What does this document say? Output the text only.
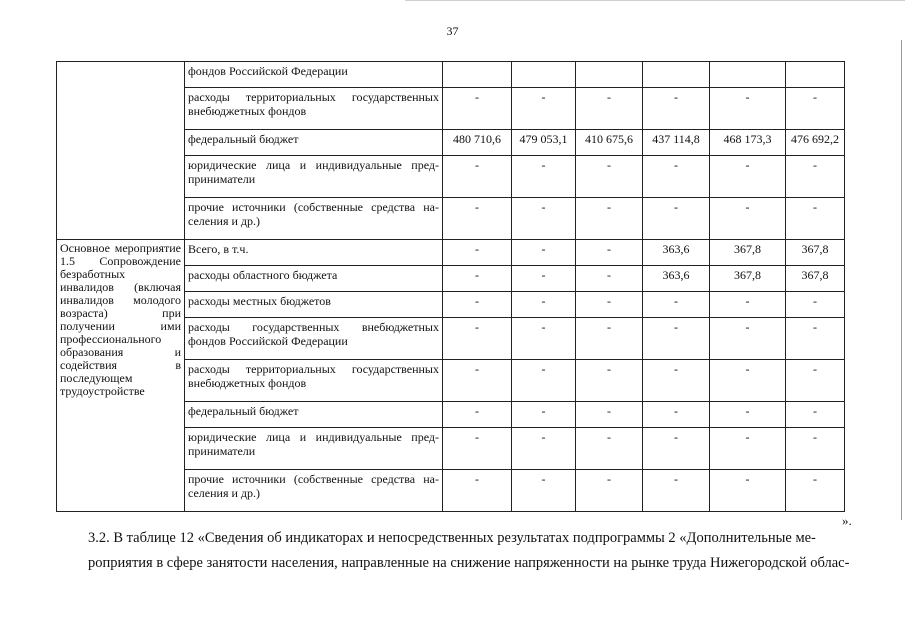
37
	фондов Российской Федерации						
	расходы территориальных государственных внебюджетных фондов	-	-	-	-	-	-
	федеральный бюджет	480 710,6	479 053,1	410 675,6	437 114,8	468 173,3	476 692,2
	юридические лица и индивидуальные пред-приниматели	-	-	-	-	-	-
	прочие источники (собственные средства на-селения и др.)	-	-	-	-	-	-
Основное мероприятие 1.5 Сопровождение безработных инвалидов (включая инвалидов молодого возраста) при получении ими профессионального образования и содействия в последующем трудоустройстве	Всего, в т.ч.	-	-	-	363,6	367,8	367,8
	расходы областного бюджета	-	-	-	363,6	367,8	367,8
	расходы местных бюджетов	-	-	-	-	-	-
	расходы государственных внебюджетных фондов Российской Федерации	-	-	-	-	-	-
	расходы территориальных государственных внебюджетных фондов	-	-	-	-	-	-
	федеральный бюджет	-	-	-	-	-	-
	юридические лица и индивидуальные пред-приниматели	-	-	-	-	-	-
	прочие источники (собственные средства на-селения и др.)	-	-	-	-	-	-
».
3.2. В таблице 12 «Сведения об индикаторах и непосредственных результатах подпрограммы 2 «Дополнительные ме-
роприятия в сфере занятости населения, направленные на снижение напряженности на рынке труда Нижегородской облас-
